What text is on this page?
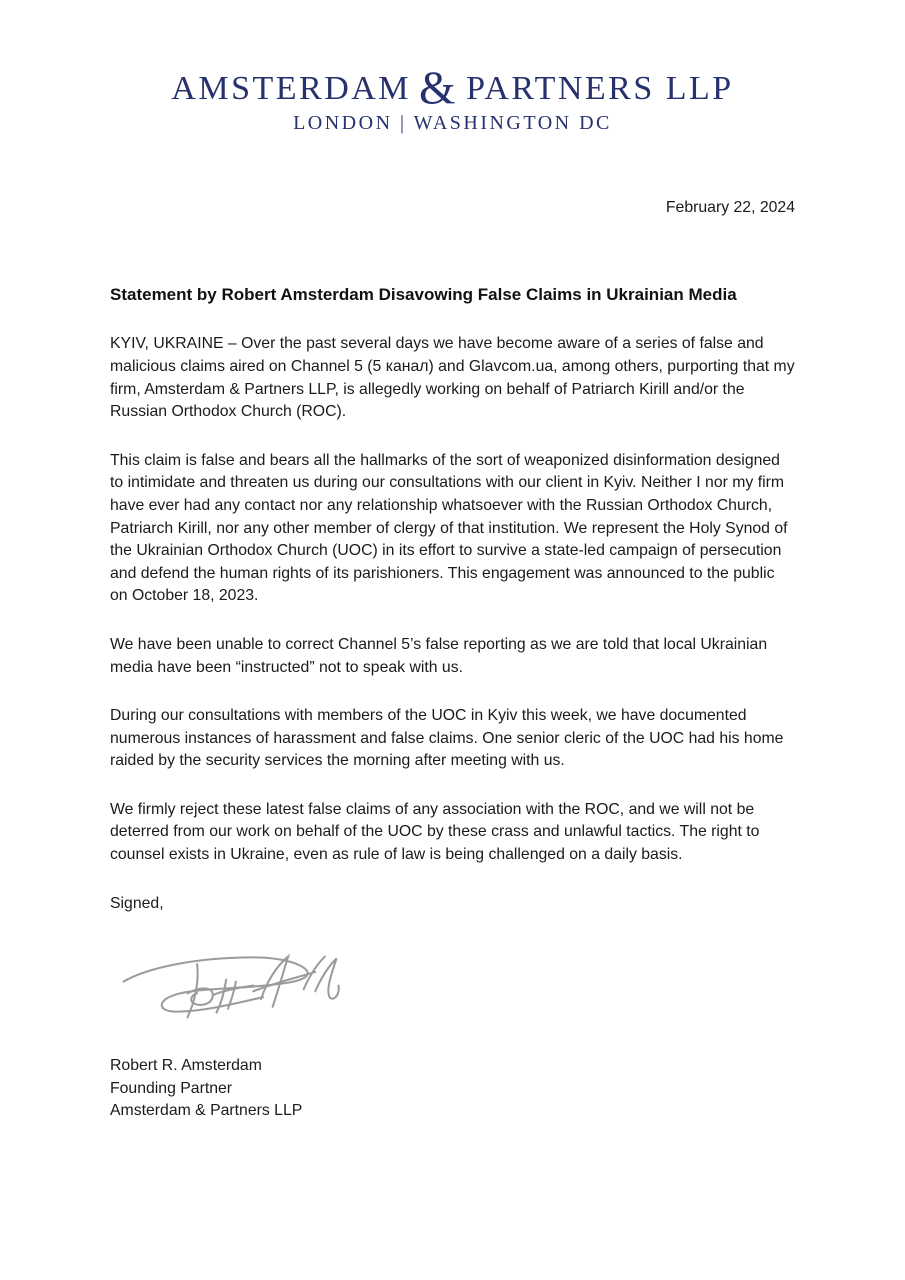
AMSTERDAM & PARTNERS LLP
LONDON | WASHINGTON DC
February 22, 2024
Statement by Robert Amsterdam Disavowing False Claims in Ukrainian Media

KYIV, UKRAINE – Over the past several days we have become aware of a series of false and malicious claims aired on Channel 5 (5 канал) and Glavcom.ua, among others, purporting that my firm, Amsterdam & Partners LLP, is allegedly working on behalf of Patriarch Kirill and/or the Russian Orthodox Church (ROC).

This claim is false and bears all the hallmarks of the sort of weaponized disinformation designed to intimidate and threaten us during our consultations with our client in Kyiv. Neither I nor my firm have ever had any contact nor any relationship whatsoever with the Russian Orthodox Church, Patriarch Kirill, nor any other member of clergy of that institution. We represent the Holy Synod of the Ukrainian Orthodox Church (UOC) in its effort to survive a state-led campaign of persecution and defend the human rights of its parishioners. This engagement was announced to the public on October 18, 2023.

We have been unable to correct Channel 5’s false reporting as we are told that local Ukrainian media have been “instructed” not to speak with us.

During our consultations with members of the UOC in Kyiv this week, we have documented numerous instances of harassment and false claims. One senior cleric of the UOC had his home raided by the security services the morning after meeting with us.

We firmly reject these latest false claims of any association with the ROC, and we will not be deterred from our work on behalf of the UOC by these crass and unlawful tactics. The right to counsel exists in Ukraine, even as rule of law is being challenged on a daily basis.

Signed,

Robert R. Amsterdam
Founding Partner
Amsterdam & Partners LLP
